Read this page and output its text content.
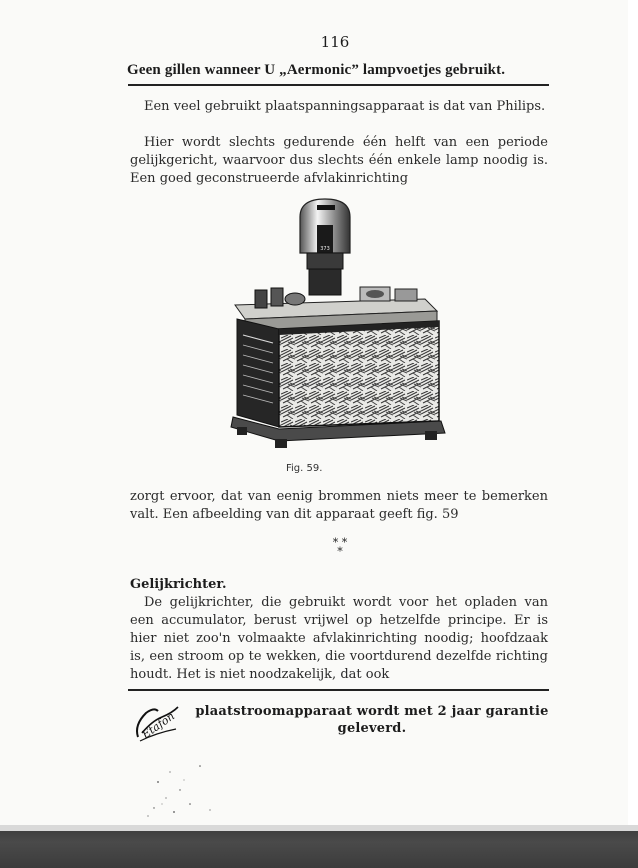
116
Geen gillen wanneer U „Aermonic” lampvoetjes gebruikt.

Een veel gebruikt plaatspanningsapparaat is dat van Philips.

Hier wordt slechts gedurende één helft van een periode gelijkgericht, waarvoor dus slechts één enkele lamp noodig is. Een goed geconstrueerde afvlakinrichting

373
Fig. 59.

zorgt ervoor, dat van eenig brommen niets meer te bemerken valt. Een afbeelding van dit apparaat geeft fig. 59

* *
*
Gelijkrichter.

De gelijkrichter, die gebruikt wordt voor het opladen van een accumulator, berust vrijwel op hetzelfde principe. Er is hier niet zoo'n volmaakte afvlakinrichting noodig; hoofdzaak is, een stroom op te wekken, die voortdurend dezelfde richting houdt. Het is niet noodzakelijk, dat ook

Etafon	plaatstroomapparaat wordt met 2 jaar garantie
geleverd.
